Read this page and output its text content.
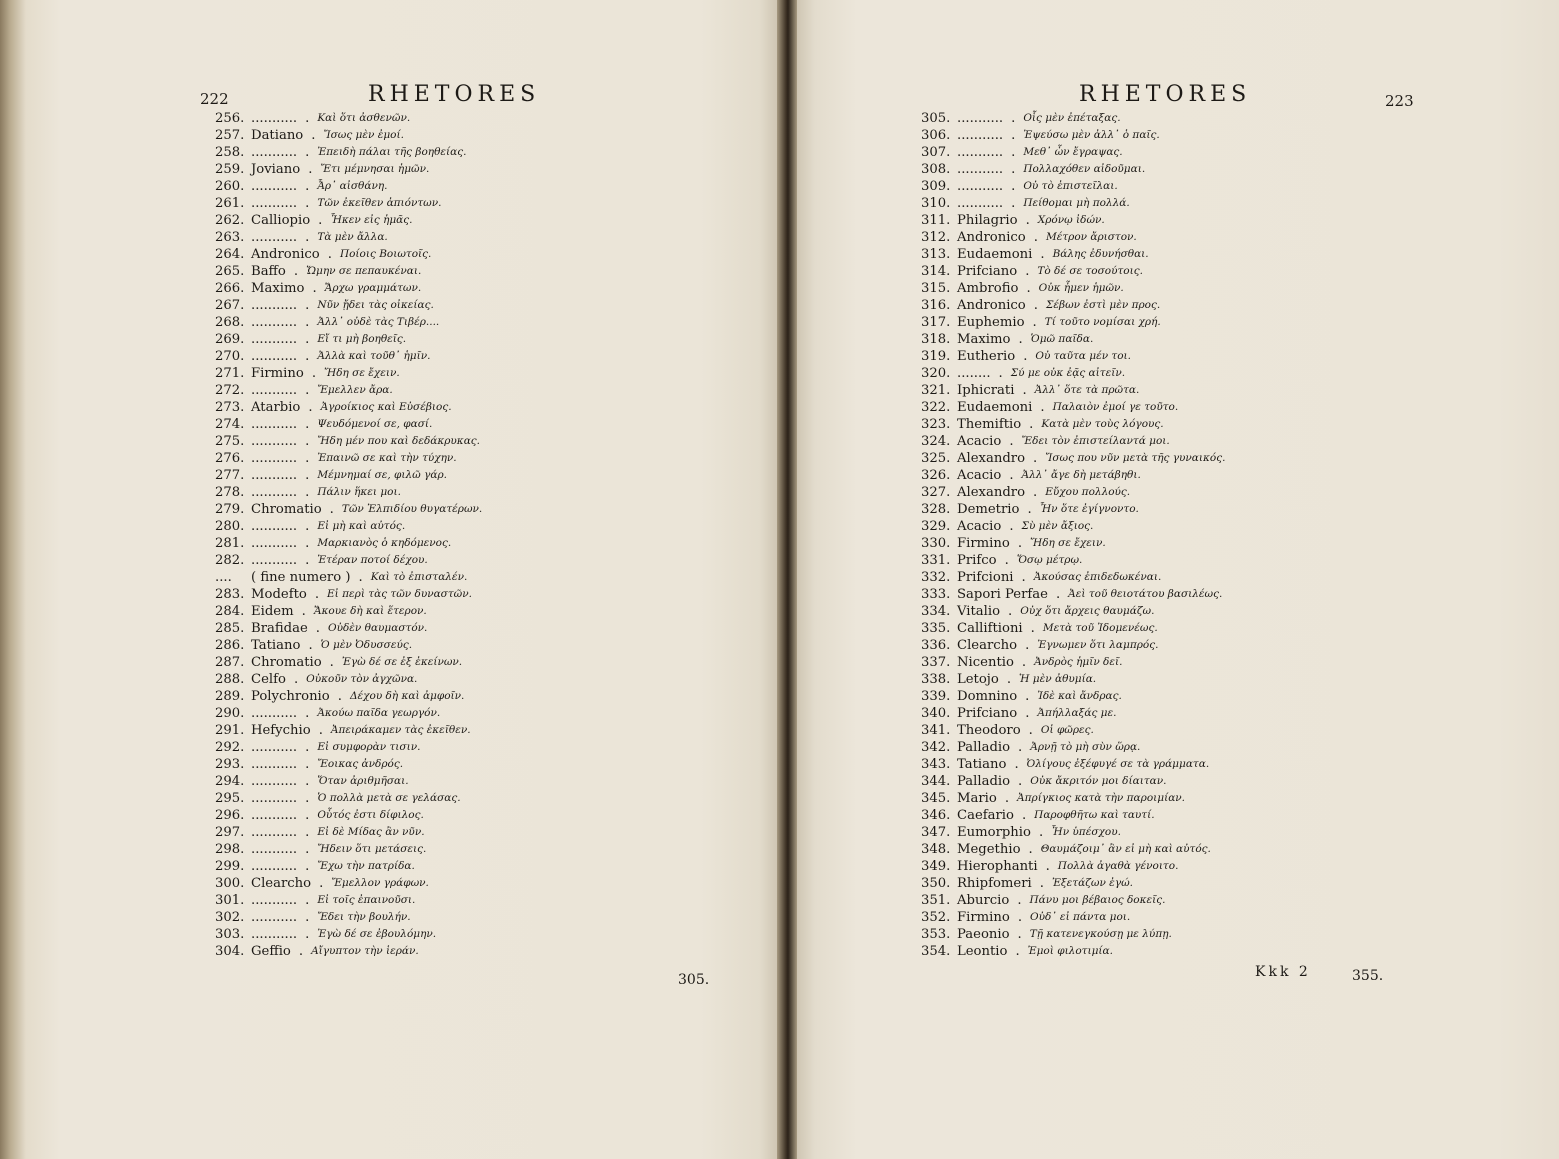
222	RHETORES
256. ........... . Καὶ ὅτι ἀσθενῶν.
257. Datiano . Ἴσως μὲν ἐμοί.
258. ........... . Ἐπειδὴ πάλαι τῆς βοηθείας.
259. Joviano . Ἔτι μέμνησαι ἡμῶν.
260. ........... . Ἆρ᾽ αἰσθάνη.
261. ........... . Τῶν ἐκεῖθεν ἀπιόντων.
262. Calliopio . Ἧκεν εἰς ἡμᾶς.
263. ........... . Τὰ μὲν ἄλλα.
264. Andronico . Ποίοις Βοιωτοῖς.
265. Baffo . Ὤμην σε πεπαυκέναι.
266. Maximo . Ἄρχω γραμμάτων.
267. ........... . Νῦν ᾔδει τὰς οἰκείας.
268. ........... . Ἀλλ᾽ οὐδὲ τὰς Τιβέρ....
269. ........... . Εἴ τι μὴ βοηθεῖς.
270. ........... . Ἀλλὰ καὶ τοῦθ᾽ ἡμῖν.
271. Firmino . Ἤδη σε ἔχειν.
272. ........... . Ἔμελλεν ἄρα.
273. Atarbio . Ἀγροίκιος καὶ Εὐσέβιος.
274. ........... . Ψευδόμενοί σε, φασί.
275. ........... . Ἤδη μέν που καὶ δεδάκρυκας.
276. ........... . Ἐπαινῶ σε καὶ τὴν τύχην.
277. ........... . Μέμνημαί σε, φιλῶ γάρ.
278. ........... . Πάλιν ἥκει μοι.
279. Chromatio . Τῶν Ἐλπιδίου θυγατέρων.
280. ........... . Εἰ μὴ καὶ αὐτός.
281. ........... . Μαρκιανὸς ὁ κηδόμενος.
282. ........... . Ἑτέραν ποτοί δέχου.
.... ( fine numero ) . Καὶ τὸ ἐπισταλέν.
283. Modefto . Εἰ περὶ τὰς τῶν δυναστῶν.
284. Eidem . Ἄκουε δὴ καὶ ἕτερον.
285. Brafidae . Οὐδὲν θαυμαστόν.
286. Tatiano . Ὁ μὲν Ὀδυσσεύς.
287. Chromatio . Ἐγὼ δέ σε ἐξ ἐκείνων.
288. Celfo . Οὐκοῦν τὸν ἀγχῶνα.
289. Polychronio . Δέχου δὴ καὶ ἀμφοῖν.
290. ........... . Ἀκούω παῖδα γεωργόν.
291. Hefychio . Ἀπειράκαμεν τὰς ἐκεῖθεν.
292. ........... . Εἰ συμφορὰν τισιν.
293. ........... . Ἔοικας ἀνδρός.
294. ........... . Ὅταν ἀριθμῆσαι.
295. ........... . Ὁ πολλὰ μετὰ σε γελάσας.
296. ........... . Οὗτός ἐστι δίφιλος.
297. ........... . Εἰ δὲ Μίδας ἂν νῦν.
298. ........... . Ἤδειν ὅτι μετάσεις.
299. ........... . Ἔχω τὴν πατρίδα.
300. Clearcho . Ἔμελλον γράφων.
301. ........... . Εἰ τοῖς ἐπαινοῦσι.
302. ........... . Ἔδει τὴν βουλήν.
303. ........... . Ἐγὼ δέ σε ἐβουλόμην.
304. Geffio . Αἴγυπτον τὴν ἱεράν.
305.
RHETORES	223
305. ........... . Οἷς μὲν ἐπέταξας.
306. ........... . Ἐψεύσω μὲν ἀλλ᾽ ὁ παῖς.
307. ........... . Μεθ᾽ ὧν ἔγραψας.
308. ........... . Πολλαχόθεν αἰδοῦμαι.
309. ........... . Οὐ τὸ ἐπιστεῖλαι.
310. ........... . Πείθομαι μὴ πολλά.
311. Philagrio . Χρόνῳ ἰδών.
312. Andronico . Μέτρον ἄριστον.
313. Eudaemoni . Βάλης ἐδυνήσθαι.
314. Prifciano . Τὸ δέ σε τοσούτοις.
315. Ambrofio . Οὐκ ἦμεν ἡμῶν.
316. Andronico . Σέβων ἐστὶ μὲν προς.
317. Euphemio . Τί τοῦτο νομίσαι χρή.
318. Maximo . Ὁμῶ παῖδα.
319. Eutherio . Οὐ ταῦτα μέν τοι.
320. ........ . Σύ με οὐκ ἐᾷς αἰτεῖν.
321. Iphicrati . Ἀλλ᾽ ὅτε τὰ πρῶτα.
322. Eudaemoni . Παλαιὸν ἐμοί γε τοῦτο.
323. Themiftio . Κατὰ μὲν τοὺς λόγους.
324. Acacio . Ἔδει τὸν ἐπιστείλαντά μοι.
325. Alexandro . Ἴσως που νῦν μετὰ τῆς γυναικός.
326. Acacio . Ἀλλ᾽ ἄγε δὴ μετάβηθι.
327. Alexandro . Εὔχου πολλούς.
328. Demetrio . Ἦν ὅτε ἐγίγνοντο.
329. Acacio . Σὺ μὲν ἄξιος.
330. Firmino . Ἤδη σε ἔχειν.
331. Prifco . Ὅσῳ μέτρῳ.
332. Prifcioni . Ἀκούσας ἐπιδεδωκέναι.
333. Sapori Perfae . Ἀεὶ τοῦ θειοτάτου βασιλέως.
334. Vitalio . Οὐχ ὅτι ἄρχεις θαυμάζω.
335. Calliftioni . Μετὰ τοῦ Ἰδομενέως.
336. Clearcho . Ἐγνωμεν ὅτι λαμπρός.
337. Nicentio . Ἀνδρὸς ἡμῖν δεῖ.
338. Letojo . Ἡ μὲν ἀθυμία.
339. Domnino . Ἰδὲ καὶ ἄνδρας.
340. Prifciano . Ἀπήλλαξάς με.
341. Theodoro . Οἱ φῶρες.
342. Palladio . Ἀρνῇ τὸ μὴ σὺν ὥρᾳ.
343. Tatiano . Ὀλίγους ἐξέφυγέ σε τὰ γράμματα.
344. Palladio . Οὐκ ἄκριτόν μοι δίαιταν.
345. Mario . Ἀπρίγκιος κατὰ τὴν παροιμίαν.
346. Caefario . Παροφθῆτω καὶ ταυτί.
347. Eumorphio . Ἦν ὑπέσχου.
348. Megethio . Θαυμάζοιμ᾽ ἂν εἰ μὴ καὶ αὐτός.
349. Hierophanti . Πολλὰ ἀγαθὰ γένοιτο.
350. Rhipfomeri . Ἐξετάζων ἐγώ.
351. Aburcio . Πάνυ μοι βέβαιος δοκεῖς.
352. Firmino . Οὐδ᾽ εἰ πάντα μοι.
353. Paeonio . Τῇ κατενεγκούσῃ με λύπῃ.
354. Leontio . Ἐμοὶ φιλοτιμία.
Kkk 2	355.
